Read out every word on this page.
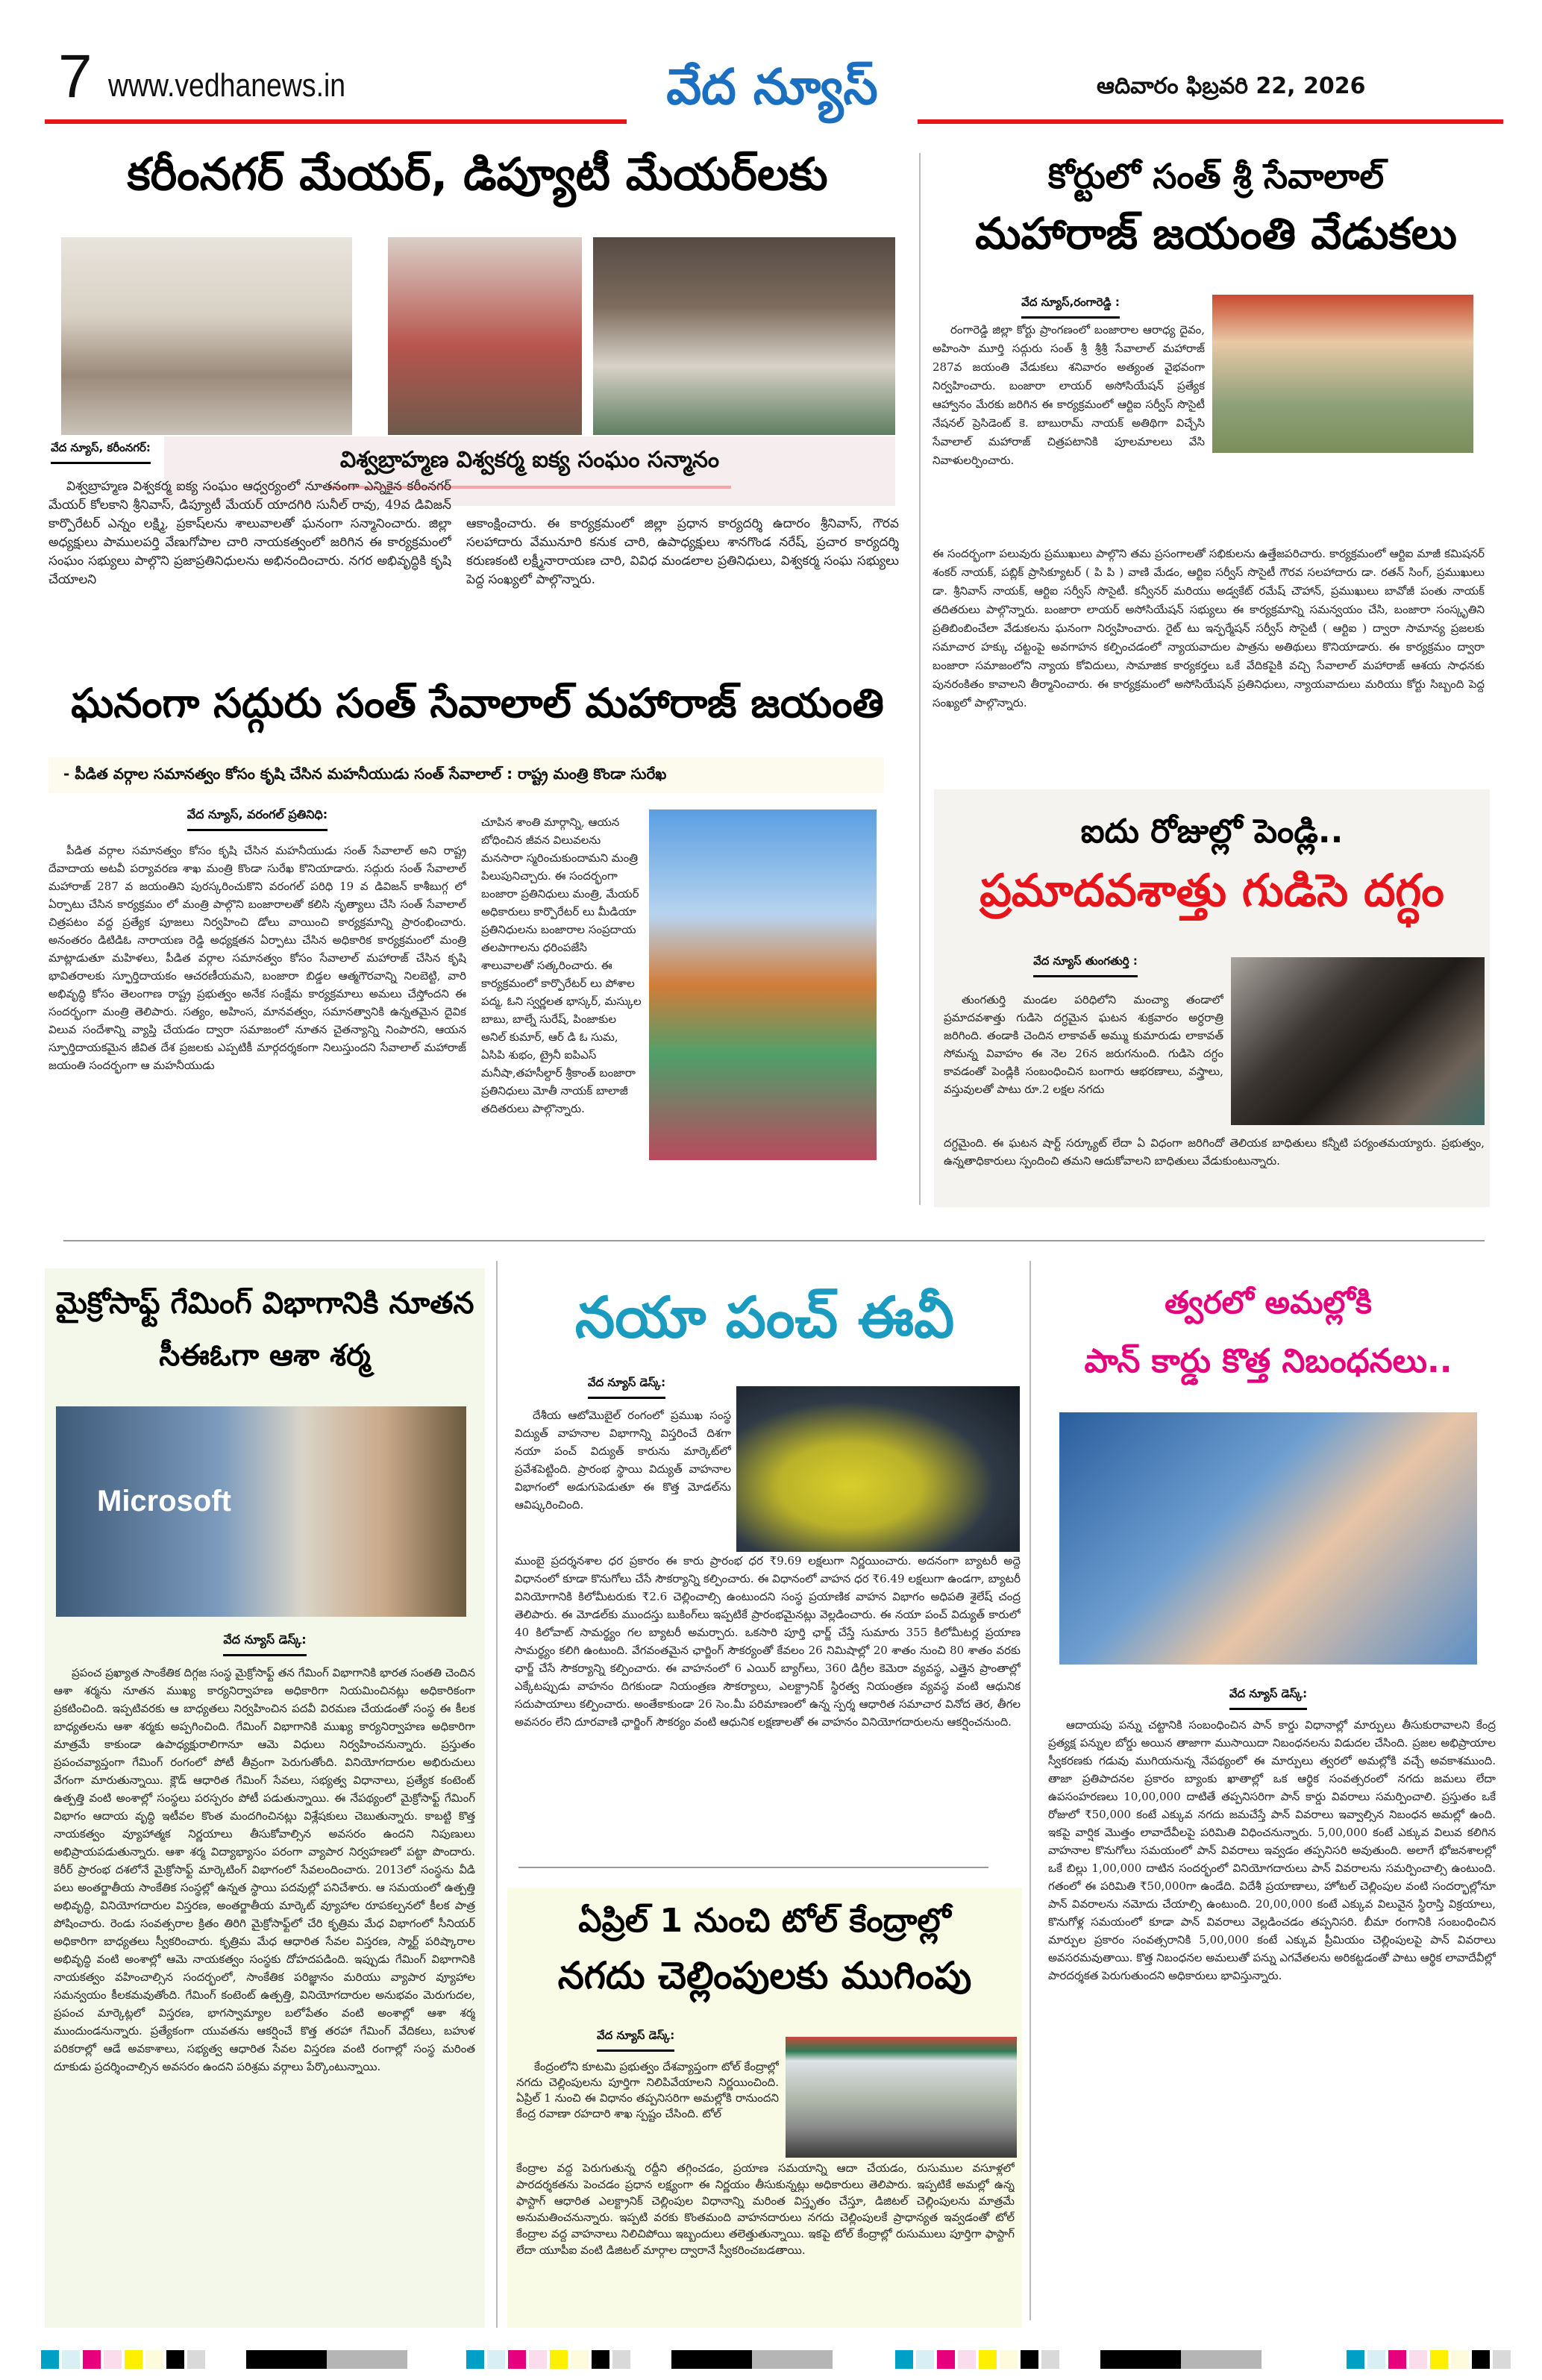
7 www.vedhanews.in	వేద న్యూస్	ఆదివారం ఫిబ్రవరి 22, 2026
కరీంనగర్ మేయర్, డిప్యూటీ మేయర్‌లకు
విశ్వబ్రాహ్మణ విశ్వకర్మ ఐక్య సంఘం సన్మానం
వేద న్యూస్, కరీంనగర్:
విశ్వబ్రాహ్మణ విశ్వకర్మ ఐక్య సంఘం ఆధ్వర్యంలో నూతనంగా ఎన్నికైన కరీంనగర్ మేయర్ కోలకాని శ్రీనివాస్, డిప్యూటీ మేయర్ యాదగిరి సునీల్ రావు, 49వ డివిజన్ కార్పొరేటర్ ఎన్నం లక్ష్మి, ప్రకాష్‌లను శాలువాలతో ఘనంగా సన్మానించారు. జిల్లా అధ్యక్షులు పాములపర్తి వేణుగోపాల చారి నాయకత్వంలో జరిగిన ఈ కార్యక్రమంలో సంఘం సభ్యులు పాల్గొని ప్రజాప్రతినిధులను అభినందించారు. నగర అభివృద్ధికి కృషి చేయాలని
ఆకాంక్షించారు. ఈ కార్యక్రమంలో జిల్లా ప్రధాన కార్యదర్శి ఉదారం శ్రీనివాస్, గౌరవ సలహాదారు వేమునూరి కనుక చారి, ఉపాధ్యక్షులు శానగొండ నరేష్, ప్రచార కార్యదర్శి కరుణకంటి లక్ష్మీనారాయణ చారి, వివిధ మండలాల ప్రతినిధులు, విశ్వకర్మ సంఘ సభ్యులు పెద్ద సంఖ్యలో పాల్గొన్నారు.
కోర్టులో సంత్ శ్రీ సేవాలాల్
మహారాజ్ జయంతి వేడుకలు
వేద న్యూస్,రంగారెడ్డి :
రంగారెడ్డి జిల్లా కోర్టు ప్రాంగణంలో బంజారాల ఆరాధ్య దైవం, అహింసా మూర్తి సద్గురు సంత్ శ్రీ శ్రీశ్రీ సేవాలాల్ మహారాజ్ 287వ జయంతి వేడుకలు శనివారం అత్యంత వైభవంగా నిర్వహించారు. బంజారా లాయర్ అసోసియేషన్ ప్రత్యేక ఆహ్వానం మేరకు జరిగిన ఈ కార్యక్రమంలో ఆర్టిఐ సర్వీస్ సొసైటీ నేషనల్ ప్రెసిడెంట్ కె. బాబురామ్ నాయక్ అతిథిగా విచ్చేసి సేవాలాల్ మహారాజ్ చిత్రపటానికి పూలమాలలు వేసి నివాళులర్పించారు.
ఈ సందర్భంగా పలువురు ప్రముఖులు పాల్గొని తమ ప్రసంగాలతో సభికులను ఉత్తేజపరిచారు. కార్యక్రమంలో ఆర్టిఐ మాజీ కమిషనర్ శంకర్ నాయక్, పబ్లిక్ ప్రాసిక్యూటర్ ( పి పి ) వాణి మేడం, ఆర్టిఐ సర్వీస్ సొసైటీ గౌరవ సలహాదారు డా. రతన్ సింగ్, ప్రముఖులు డా. శ్రీనివాస్ నాయక్, ఆర్టిఐ సర్వీస్ సొసైటీ. కన్వీనర్ మరియు అడ్వకేట్ రమేష్ చౌహాన్, ప్రముఖులు బావోజీ పంతు నాయక్ తదితరులు పాల్గొన్నారు. బంజారా లాయర్ అసోసియేషన్ సభ్యులు ఈ కార్యక్రమాన్ని సమన్వయం చేసి, బంజారా సంస్కృతిని ప్రతిబింబించేలా వేడుకలను ఘనంగా నిర్వహించారు. రైట్ టు ఇన్ఫర్మేషన్ సర్వీస్ సొసైటీ ( ఆర్టిఐ ) ద్వారా సామాన్య ప్రజలకు సమాచార హక్కు చట్టంపై అవగాహన కల్పించడంలో న్యాయవాదుల పాత్రను అతిథులు కొనియాడారు. ఈ కార్యక్రమం ద్వారా బంజారా సమాజంలోని న్యాయ కోవిదులు, సామాజిక కార్యకర్తలు ఒకే వేదికపైకి వచ్చి సేవాలాల్ మహారాజ్ ఆశయ సాధనకు పునరంకితం కావాలని తీర్మానించారు. ఈ కార్యక్రమంలో అసోసియేషన్ ప్రతినిధులు, న్యాయవాదులు మరియు కోర్టు సిబ్బంది పెద్ద సంఖ్యలో పాల్గొన్నారు.
ఘనంగా సద్గురు సంత్ సేవాలాల్ మహారాజ్ జయంతి
- పీడిత వర్గాల సమానత్వం కోసం కృషి చేసిన మహనీయుడు సంత్ సేవాలాల్ : రాష్ట్ర మంత్రి కొండా సురేఖ
వేద న్యూస్, వరంగల్ ప్రతినిధి:
పీడిత వర్గాల సమానత్వం కోసం కృషి చేసిన మహనీయుడు సంత్ సేవాలాల్ అని రాష్ట్ర దేవాదాయ అటవీ పర్యావరణ శాఖ మంత్రి కొండా సురేఖ కొనియాడారు. సద్గురు సంత్ సేవాలాల్ మహారాజ్ 287 వ జయంతిని పురస్కరించుకొని వరంగల్ పరిధి 19 వ డివిజన్ కాశీబుగ్గ లో ఏర్పాటు చేసిన కార్యక్రమం లో మంత్రి పాల్గొని బంజారాలతో కలిసి నృత్యాలు చేసి సంత్ సేవాలాల్ చిత్రపటం వద్ద ప్రత్యేక పూజలు నిర్వహించి డోలు వాయించి కార్యక్రమాన్ని ప్రారంభించారు. అనంతరం డిటిడిఓ నారాయణ రెడ్డి అధ్యక్షతన ఏర్పాటు చేసిన అధికారిక కార్యక్రమంలో మంత్రి మాట్లాడుతూ మహిళలు, పీడిత వర్గాల సమానత్వం కోసం సేవాలాల్ మహారాజ్ చేసిన కృషి భావితరాలకు స్ఫూర్తిదాయకం ఆచరణీయమని, బంజారా బిడ్డల ఆత్మగౌరవాన్ని నిలబెట్టి, వారి అభివృద్ధి కోసం తెలంగాణ రాష్ట్ర ప్రభుత్వం అనేక సంక్షేమ కార్యక్రమాలు అమలు చేస్తోందని ఈ సందర్భంగా మంత్రి తెలిపారు. సత్యం, అహింస, మానవత్వం, సమానత్వానికి ఉన్నతమైన దైవిక విలువ సందేశాన్ని వ్యాప్తి చేయడం ద్వారా సమాజంలో నూతన చైతన్యాన్ని నింపారని, ఆయన స్ఫూర్తిదాయకమైన జీవిత దేశ ప్రజలకు ఎప్పటికీ మార్గదర్శకంగా నిలుస్తుందని సేవాలాల్ మహారాజ్ జయంతి సందర్భంగా ఆ మహనీయుడు
చూపిన శాంతి మార్గాన్ని, ఆయన బోధించిన జీవన విలువలను మనసారా స్మరించుకుందామని మంత్రి పిలుపునిచ్చారు. ఈ సందర్భంగా బంజారా ప్రతినిధులు మంత్రి, మేయర్ అధికారులు కార్పొరేటర్ లు మీడియా ప్రతినిధులను బంజారాల సంప్రదాయ తలపాగాలను ధరింపజేసి శాలువాలతో సత్కరించారు. ఈ కార్యక్రమంలో కార్పొరేటర్ లు పోశాల పద్మ, ఓని స్వర్ణలత భాస్కర్, మస్కుల బాబు, బాల్నే సురేష్, పింజాకుల అనిల్ కుమార్, ఆర్ డి ఓ సుమ, ఏసిపి శుభం, ట్రైనీ ఐపిఎస్ మనీషా,తహసీల్దార్ శ్రీకాంత్ బంజారా ప్రతినిధులు మోతీ నాయక్ బాలాజీ తదితరులు పాల్గొన్నారు.
ఐదు రోజుల్లో పెండ్లి..
ప్రమాదవశాత్తు గుడిసె దగ్ధం
వేద న్యూస్ తుంగతుర్తి :
తుంగతుర్తి మండల పరిధిలోని మంచ్యా తండాలో ప్రమాదవశాత్తు గుడిసె దగ్ధమైన ఘటన శుక్రవారం అర్ధరాత్రి జరిగింది. తండాకి చెందిన లాకావత్ అమ్ము కుమారుడు లాకావత్ సోమన్న వివాహం ఈ నెల 26న జరుగనుంది. గుడిసె దగ్ధం కావడంతో పెండ్లికి సంబంధించిన బంగారు ఆభరణాలు, వస్త్రాలు, వస్తువులతో పాటు రూ.2 లక్షల నగదు
దగ్ధమైంది. ఈ ఘటన షార్ట్ సర్క్యూట్ లేదా ఏ విధంగా జరిగిందో తెలియక బాధితులు కన్నీటి పర్యంతమయ్యారు. ప్రభుత్వం, ఉన్నతాధికారులు స్పందించి తమని ఆదుకోవాలని బాధితులు వేడుకుంటున్నారు.
మైక్రోసాఫ్ట్ గేమింగ్ విభాగానికి నూతన సీఈఓగా ఆశా శర్మ
Microsoft
వేద న్యూస్ డెస్క్:
ప్రపంచ ప్రఖ్యాత సాంకేతిక దిగ్గజ సంస్థ మైక్రోసాఫ్ట్ తన గేమింగ్ విభాగానికి భారత సంతతి చెందిన ఆశా శర్మను నూతన ముఖ్య కార్యనిర్వాహణ అధికారిగా నియమించినట్లు అధికారికంగా ప్రకటించింది. ఇప్పటివరకు ఆ బాధ్యతలు నిర్వహించిన పదవీ విరమణ చేయడంతో సంస్థ ఈ కీలక బాధ్యతలను ఆశా శర్మకు అప్పగించింది. గేమింగ్ విభాగానికి ముఖ్య కార్యనిర్వాహణ అధికారిగా మాత్రమే కాకుండా ఉపాధ్యక్షురాలిగానూ ఆమె విధులు నిర్వహించనున్నారు. ప్రస్తుతం ప్రపంచవ్యాప్తంగా గేమింగ్ రంగంలో పోటీ తీవ్రంగా పెరుగుతోంది. వినియోగదారుల అభిరుచులు వేగంగా మారుతున్నాయి. క్లౌడ్ ఆధారిత గేమింగ్ సేవలు, సభ్యత్వ విధానాలు, ప్రత్యేక కంటెంట్ ఉత్పత్తి వంటి అంశాల్లో సంస్థలు పరస్పరం పోటీ పడుతున్నాయి. ఈ నేపథ్యంలో మైక్రోసాఫ్ట్ గేమింగ్ విభాగం ఆదాయ వృద్ధి ఇటీవల కొంత మందగించినట్లు విశ్లేషకులు చెబుతున్నారు. కాబట్టి కొత్త నాయకత్వం వ్యూహాత్మక నిర్ణయాలు తీసుకోవాల్సిన అవసరం ఉందని నిపుణులు అభిప్రాయపడుతున్నారు. ఆశా శర్మ విద్యాభ్యాసం పరంగా వ్యాపార నిర్వహణలో పట్టా పొందారు. కెరీర్ ప్రారంభ దశలోనే మైక్రోసాఫ్ట్ మార్కెటింగ్ విభాగంలో సేవలందించారు. 2013లో సంస్థను వీడి పలు అంతర్జాతీయ సాంకేతిక సంస్థల్లో ఉన్నత స్థాయి పదవుల్లో పనిచేశారు. ఆ సమయంలో ఉత్పత్తి అభివృద్ధి, వినియోగదారుల విస్తరణ, అంతర్జాతీయ మార్కెట్ వ్యూహాల రూపకల్పనలో కీలక పాత్ర పోషించారు. రెండు సంవత్సరాల క్రితం తిరిగి మైక్రోసాఫ్ట్‌లో చేరి కృత్రిమ మేధ విభాగంలో సీనియర్ అధికారిగా బాధ్యతలు స్వీకరించారు. కృత్రిమ మేధ ఆధారిత సేవల విస్తరణ, స్మార్ట్ పరిష్కారాల అభివృద్ధి వంటి అంశాల్లో ఆమె నాయకత్వం సంస్థకు దోహదపడింది. ఇప్పుడు గేమింగ్ విభాగానికి నాయకత్వం వహించాల్సిన సందర్భంలో, సాంకేతిక పరిజ్ఞానం మరియు వ్యాపార వ్యూహాల సమన్వయం కీలకమవుతోంది. గేమింగ్ కంటెంట్ ఉత్పత్తి, వినియోగదారుల అనుభవం మెరుగుదల, ప్రపంచ మార్కెట్లలో విస్తరణ, భాగస్వామ్యాల బలోపేతం వంటి అంశాల్లో ఆశా శర్మ ముందుండనున్నారు. ప్రత్యేకంగా యువతను ఆకర్షించే కొత్త తరహా గేమింగ్ వేదికలు, బహుళ పరికరాల్లో ఆడే అవకాశాలు, సభ్యత్వ ఆధారిత సేవల విస్తరణ వంటి రంగాల్లో సంస్థ మరింత దూకుడు ప్రదర్శించాల్సిన అవసరం ఉందని పరిశ్రమ వర్గాలు పేర్కొంటున్నాయి.
నయా పంచ్ ఈవీ
వేద న్యూస్ డెస్క్:
దేశీయ ఆటోమొబైల్ రంగంలో ప్రముఖ సంస్థ విద్యుత్ వాహనాల విభాగాన్ని విస్తరించే దిశగా నయా పంచ్ విద్యుత్ కారును మార్కెట్‌లో ప్రవేశపెట్టింది. ప్రారంభ స్థాయి విద్యుత్ వాహనాల విభాగంలో అడుగుపెడుతూ ఈ కొత్త మోడల్‌ను ఆవిష్కరించింది.
ముంబై ప్రదర్శనశాల ధర ప్రకారం ఈ కారు ప్రారంభ ధర ₹9.69 లక్షలుగా నిర్ణయించారు. అదనంగా బ్యాటరీ అద్దె విధానంలో కూడా కొనుగోలు చేసే సౌకర్యాన్ని కల్పించారు. ఈ విధానంలో వాహన ధర ₹6.49 లక్షలుగా ఉండగా, బ్యాటరీ వినియోగానికి కిలోమీటరుకు ₹2.6 చెల్లించాల్సి ఉంటుందని సంస్థ ప్రయాణిక వాహన విభాగం అధిపతి శైలేష్ చంద్ర తెలిపారు. ఈ మోడల్‌కు ముందస్తు బుకింగ్‌లు ఇప్పటికే ప్రారంభమైనట్లు వెల్లడించారు. ఈ నయా పంచ్ విద్యుత్ కారులో 40 కిలోవాట్ సామర్థ్యం గల బ్యాటరీ అమర్చారు. ఒకసారి పూర్తి ఛార్జ్ చేస్తే సుమారు 355 కిలోమీటర్ల ప్రయాణ సామర్థ్యం కలిగి ఉంటుంది. వేగవంతమైన ఛార్జింగ్ సౌకర్యంతో కేవలం 26 నిమిషాల్లో 20 శాతం నుంచి 80 శాతం వరకు ఛార్జ్ చేసే సౌకర్యాన్ని కల్పించారు. ఈ వాహనంలో 6 ఎయిర్ బ్యాగ్‌లు, 360 డిగ్రీల కెమెరా వ్యవస్థ, ఎత్తైన ప్రాంతాల్లో ఎక్కేటప్పుడు వాహనం దిగకుండా నియంత్రణ సౌకర్యాలు, ఎలక్ట్రానిక్ స్థిరత్వ నియంత్రణ వ్యవస్థ వంటి ఆధునిక సదుపాయాలు కల్పించారు. అంతేకాకుండా 26 సెం.మీ పరిమాణంలో ఉన్న స్పర్శ ఆధారిత సమాచార వినోద తెర, తీగల అవసరం లేని దూరవాణి ఛార్జింగ్ సౌకర్యం వంటి ఆధునిక లక్షణాలతో ఈ వాహనం వినియోగదారులను ఆకర్షించనుంది.
ఏప్రిల్ 1 నుంచి టోల్ కేంద్రాల్లో
నగదు చెల్లింపులకు ముగింపు
వేద న్యూస్ డెస్క్:
కేంద్రంలోని కూటమి ప్రభుత్వం దేశవ్యాప్తంగా టోల్ కేంద్రాల్లో నగదు చెల్లింపులను పూర్తిగా నిలిపివేయాలని నిర్ణయించింది. ఏప్రిల్ 1 నుంచి ఈ విధానం తప్పనిసరిగా అమల్లోకి రానుందని కేంద్ర రవాణా రహదారి శాఖ స్పష్టం చేసింది. టోల్
కేంద్రాల వద్ద పెరుగుతున్న రద్దీని తగ్గించడం, ప్రయాణ సమయాన్ని ఆదా చేయడం, రుసుముల వసూళ్లలో పారదర్శకతను పెంచడం ప్రధాన లక్ష్యంగా ఈ నిర్ణయం తీసుకున్నట్లు అధికారులు తెలిపారు. ఇప్పటికే అమల్లో ఉన్న ఫాస్టాగ్ ఆధారిత ఎలక్ట్రానిక్ చెల్లింపుల విధానాన్ని మరింత విస్తృతం చేస్తూ, డిజిటల్ చెల్లింపులను మాత్రమే అనుమతించనున్నారు. ఇప్పటి వరకు కొంతమంది వాహనదారులు నగదు చెల్లింపులకే ప్రాధాన్యత ఇవ్వడంతో టోల్ కేంద్రాల వద్ద వాహనాలు నిలిచిపోయి ఇబ్బందులు తలెత్తుతున్నాయి. ఇకపై టోల్ కేంద్రాల్లో రుసుములు పూర్తిగా ఫాస్టాగ్ లేదా యూపీఐ వంటి డిజిటల్ మార్గాల ద్వారానే స్వీకరించబడతాయి.
త్వరలో అమల్లోకి
పాన్ కార్డు కొత్త నిబంధనలు..
వేద న్యూస్ డెస్క్:
ఆదాయపు పన్ను చట్టానికి సంబంధించిన పాన్ కార్డు విధానాల్లో మార్పులు తీసుకురావాలని కేంద్ర ప్రత్యక్ష పన్నుల బోర్డు అయిన తాజాగా ముసాయిదా నిబంధనలను విడుదల చేసింది. ప్రజల అభిప్రాయాల స్వీకరణకు గడువు ముగియనున్న నేపథ్యంలో ఈ మార్పులు త్వరలో అమల్లోకి వచ్చే అవకాశముంది. తాజా ప్రతిపాదనల ప్రకారం బ్యాంకు ఖాతాల్లో ఒక ఆర్థిక సంవత్సరంలో నగదు జమలు లేదా ఉపసంహరణలు 10,00,000 దాటితే తప్పనిసరిగా పాన్ కార్డు వివరాలు సమర్పించాలి. ప్రస్తుతం ఒకే రోజులో ₹50,000 కంటే ఎక్కువ నగదు జమచేస్తే పాన్ వివరాలు ఇవ్వాల్సిన నిబంధన అమల్లో ఉంది. ఇకపై వార్షిక మొత్తం లావాదేవీలపై పరిమితి విధించనున్నారు. 5,00,000 కంటే ఎక్కువ విలువ కలిగిన వాహనాల కొనుగోలు సమయంలో పాన్ వివరాలు ఇవ్వడం తప్పనిసరి అవుతుంది. అలాగే భోజనశాలల్లో ఒకే బిల్లు 1,00,000 దాటిన సందర్భంలో వినియోగదారులు పాన్ వివరాలను సమర్పించాల్సి ఉంటుంది. గతంలో ఈ పరిమితి ₹50,000గా ఉండేది. విదేశీ ప్రయాణాలు, హోటల్ చెల్లింపుల వంటి సందర్భాల్లోనూ పాన్ వివరాలను నమోదు చేయాల్సి ఉంటుంది. 20,00,000 కంటే ఎక్కువ విలువైన స్థిరాస్తి విక్రయాలు, కొనుగోళ్ల సమయంలో కూడా పాన్ వివరాలు వెల్లడించడం తప్పనిసరి. బీమా రంగానికి సంబంధించిన మార్పుల ప్రకారం సంవత్సరానికి 5,00,000 కంటే ఎక్కువ ప్రీమియం చెల్లింపులపై పాన్ వివరాలు అవసరమవుతాయి. కొత్త నిబంధనల అమలుతో పన్ను ఎగవేతలను అరికట్టడంతో పాటు ఆర్థిక లావాదేవీల్లో పారదర్శకత పెరుగుతుందని అధికారులు భావిస్తున్నారు.
